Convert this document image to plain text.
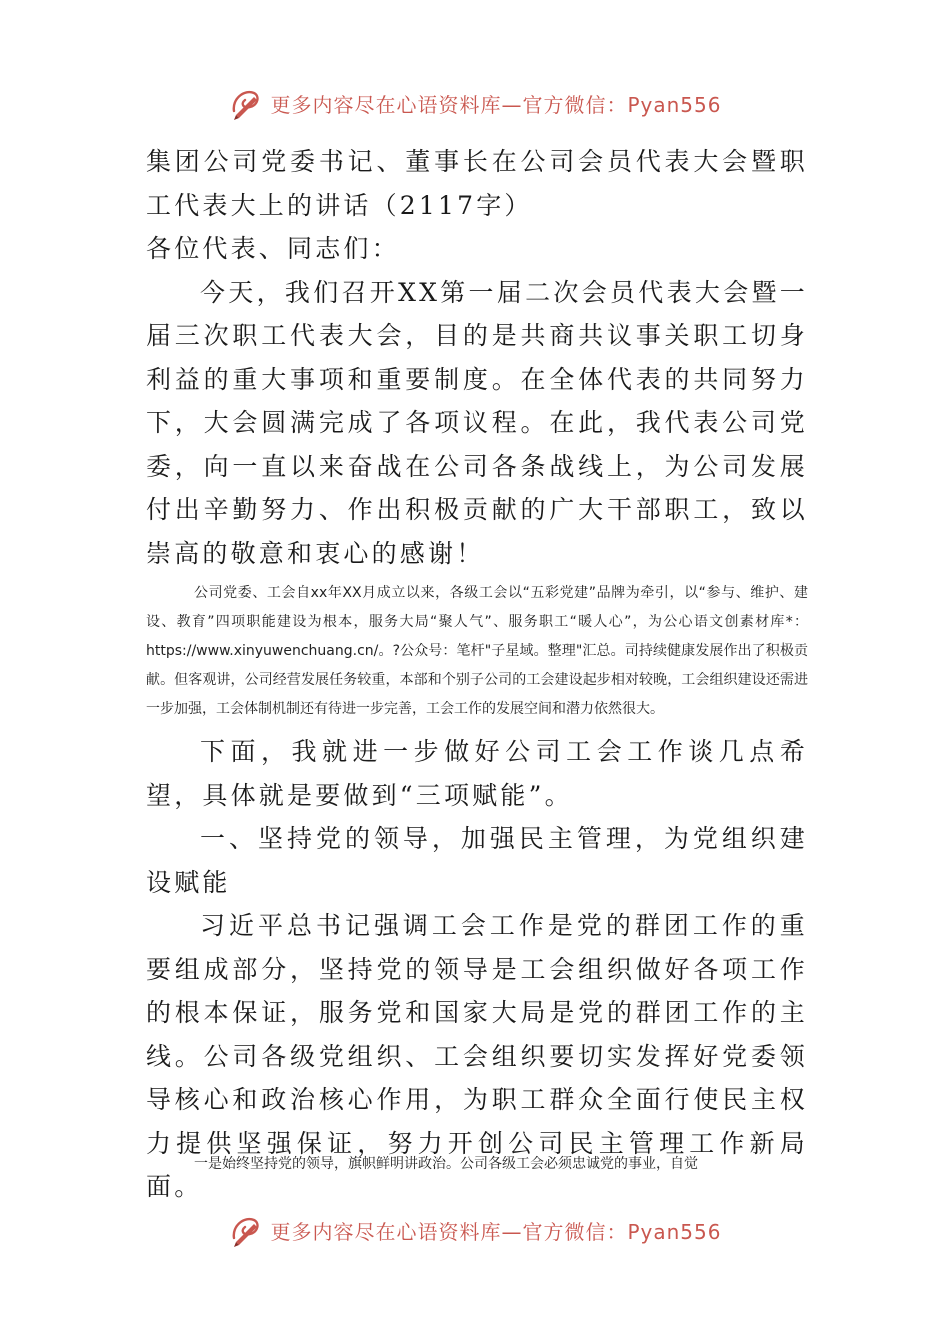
更多内容尽在心语资料库—官方微信：Pyan556

集团公司党委书记、董事长在公司会员代表大会暨职工代表大上的讲话（2117字）

各位代表、同志们：

今天，我们召开XX第一届二次会员代表大会暨一届三次职工代表大会，目的是共商共议事关职工切身利益的重大事项和重要制度。在全体代表的共同努力下，大会圆满完成了各项议程。在此，我代表公司党委，向一直以来奋战在公司各条战线上，为公司发展付出辛勤努力、作出积极贡献的广大干部职工，致以崇高的敬意和衷心的感谢！

公司党委、工会自xx年XX月成立以来，各级工会以“五彩党建”品牌为牵引，以“参与、维护、建设、教育”四项职能建设为根本，服务大局“聚人气”、服务职工“暖人心”，为公心语文创素材库*：https://www.xinyuwenchuang.cn/。?公众号：笔杆"子星域。整理"汇总。司持续健康发展作出了积极贡献。但客观讲，公司经营发展任务较重，本部和个别子公司的工会建设起步相对较晚，工会组织建设还需进一步加强，工会体制机制还有待进一步完善，工会工作的发展空间和潜力依然很大。

下面，我就进一步做好公司工会工作谈几点希望，具体就是要做到“三项赋能”。

一、坚持党的领导，加强民主管理，为党组织建设赋能

习近平总书记强调工会工作是党的群团工作的重要组成部分，坚持党的领导是工会组织做好各项工作的根本保证，服务党和国家大局是党的群团工作的主线。公司各级党组织、工会组织要切实发挥好党委领导核心和政治核心作用，为职工群众全面行使民主权力提供坚强保证，努力开创公司民主管理工作新局面。

一是始终坚持党的领导，旗帜鲜明讲政治。公司各级工会必须忠诚党的事业，自觉
更多内容尽在心语资料库—官方微信：Pyan556
